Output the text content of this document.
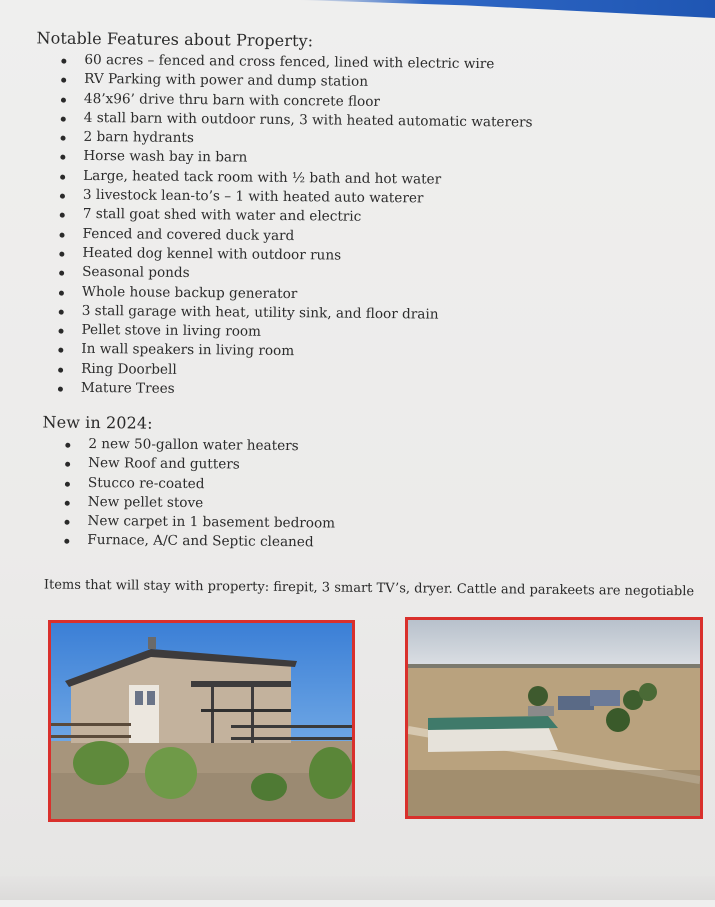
Notable Features about Property:
60 acres – fenced and cross fenced, lined with electric wire
RV Parking with power and dump station
48’x96’ drive thru barn with concrete floor
4 stall barn with outdoor runs, 3 with heated automatic waterers
2 barn hydrants
Horse wash bay in barn
Large, heated tack room with ½ bath and hot water
3 livestock lean-to’s – 1 with heated auto waterer
7 stall goat shed with water and electric
Fenced and covered duck yard
Heated dog kennel with outdoor runs
Seasonal ponds
Whole house backup generator
3 stall garage with heat, utility sink, and floor drain
Pellet stove in living room
In wall speakers in living room
Ring Doorbell
Mature Trees
New in 2024:
2 new 50-gallon water heaters
New Roof and gutters
Stucco re-coated
New pellet stove
New carpet in 1 basement bedroom
Furnace, A/C and Septic cleaned
Items that will stay with property: firepit, 3 smart TV’s, dryer. Cattle and parakeets are negotiable
